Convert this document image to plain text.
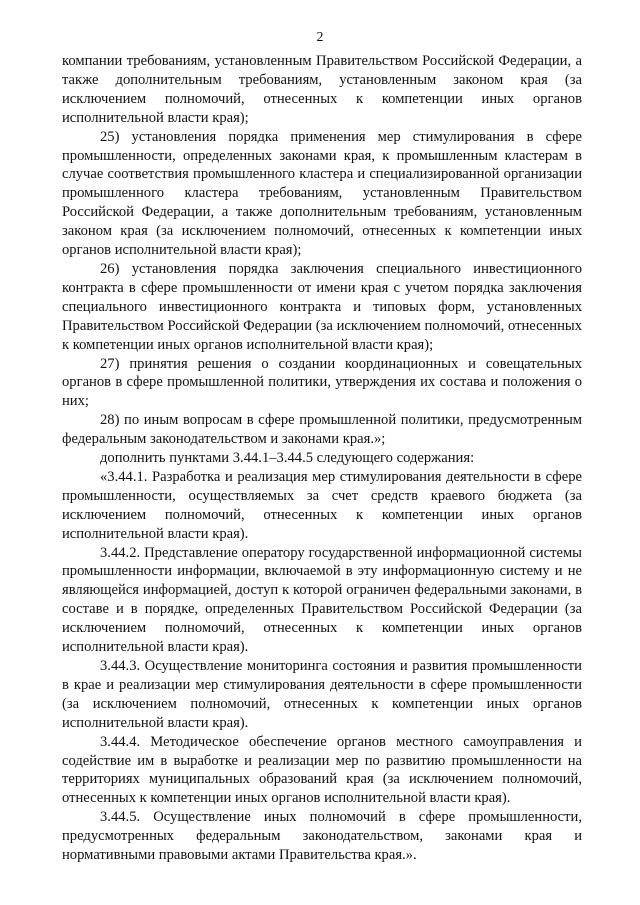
2

компании требованиям, установленным Правительством Российской Федерации, а также дополнительным требованиям, установленным законом края (за исключением полномочий, отнесенных к компетенции иных органов исполнительной власти края);

25) установления порядка применения мер стимулирования в сфере промышленности, определенных законами края, к промышленным кластерам в случае соответствия промышленного кластера и специализированной организации промышленного кластера требованиям, установленным Правительством Российской Федерации, а также дополнительным требованиям, установленным законом края (за исключением полномочий, отнесенных к компетенции иных органов исполнительной власти края);

26) установления порядка заключения специального инвестиционного контракта в сфере промышленности от имени края с учетом порядка заключения специального инвестиционного контракта и типовых форм, установленных Правительством Российской Федерации (за исключением полномочий, отнесенных к компетенции иных органов исполнительной власти края);

27) принятия решения о создании координационных и совещательных органов в сфере промышленной политики, утверждения их состава и положения о них;

28) по иным вопросам в сфере промышленной политики, предусмотренным федеральным законодательством и законами края.»;

дополнить пунктами 3.44.1–3.44.5 следующего содержания:

«3.44.1. Разработка и реализация мер стимулирования деятельности в сфере промышленности, осуществляемых за счет средств краевого бюджета (за исключением полномочий, отнесенных к компетенции иных органов исполнительной власти края).

3.44.2. Представление оператору государственной информационной системы промышленности информации, включаемой в эту информационную систему и не являющейся информацией, доступ к которой ограничен федеральными законами, в составе и в порядке, определенных Правительством Российской Федерации (за исключением полномочий, отнесенных к компетенции иных органов исполнительной власти края).

3.44.3. Осуществление мониторинга состояния и развития промышленности в крае и реализации мер стимулирования деятельности в сфере промышленности (за исключением полномочий, отнесенных к компетенции иных органов исполнительной власти края).

3.44.4. Методическое обеспечение органов местного самоуправления и содействие им в выработке и реализации мер по развитию промышленности на территориях муниципальных образований края (за исключением полномочий, отнесенных к компетенции иных органов исполнительной власти края).

3.44.5. Осуществление иных полномочий в сфере промышленности, предусмотренных федеральным законодательством, законами края и нормативными правовыми актами Правительства края.».
